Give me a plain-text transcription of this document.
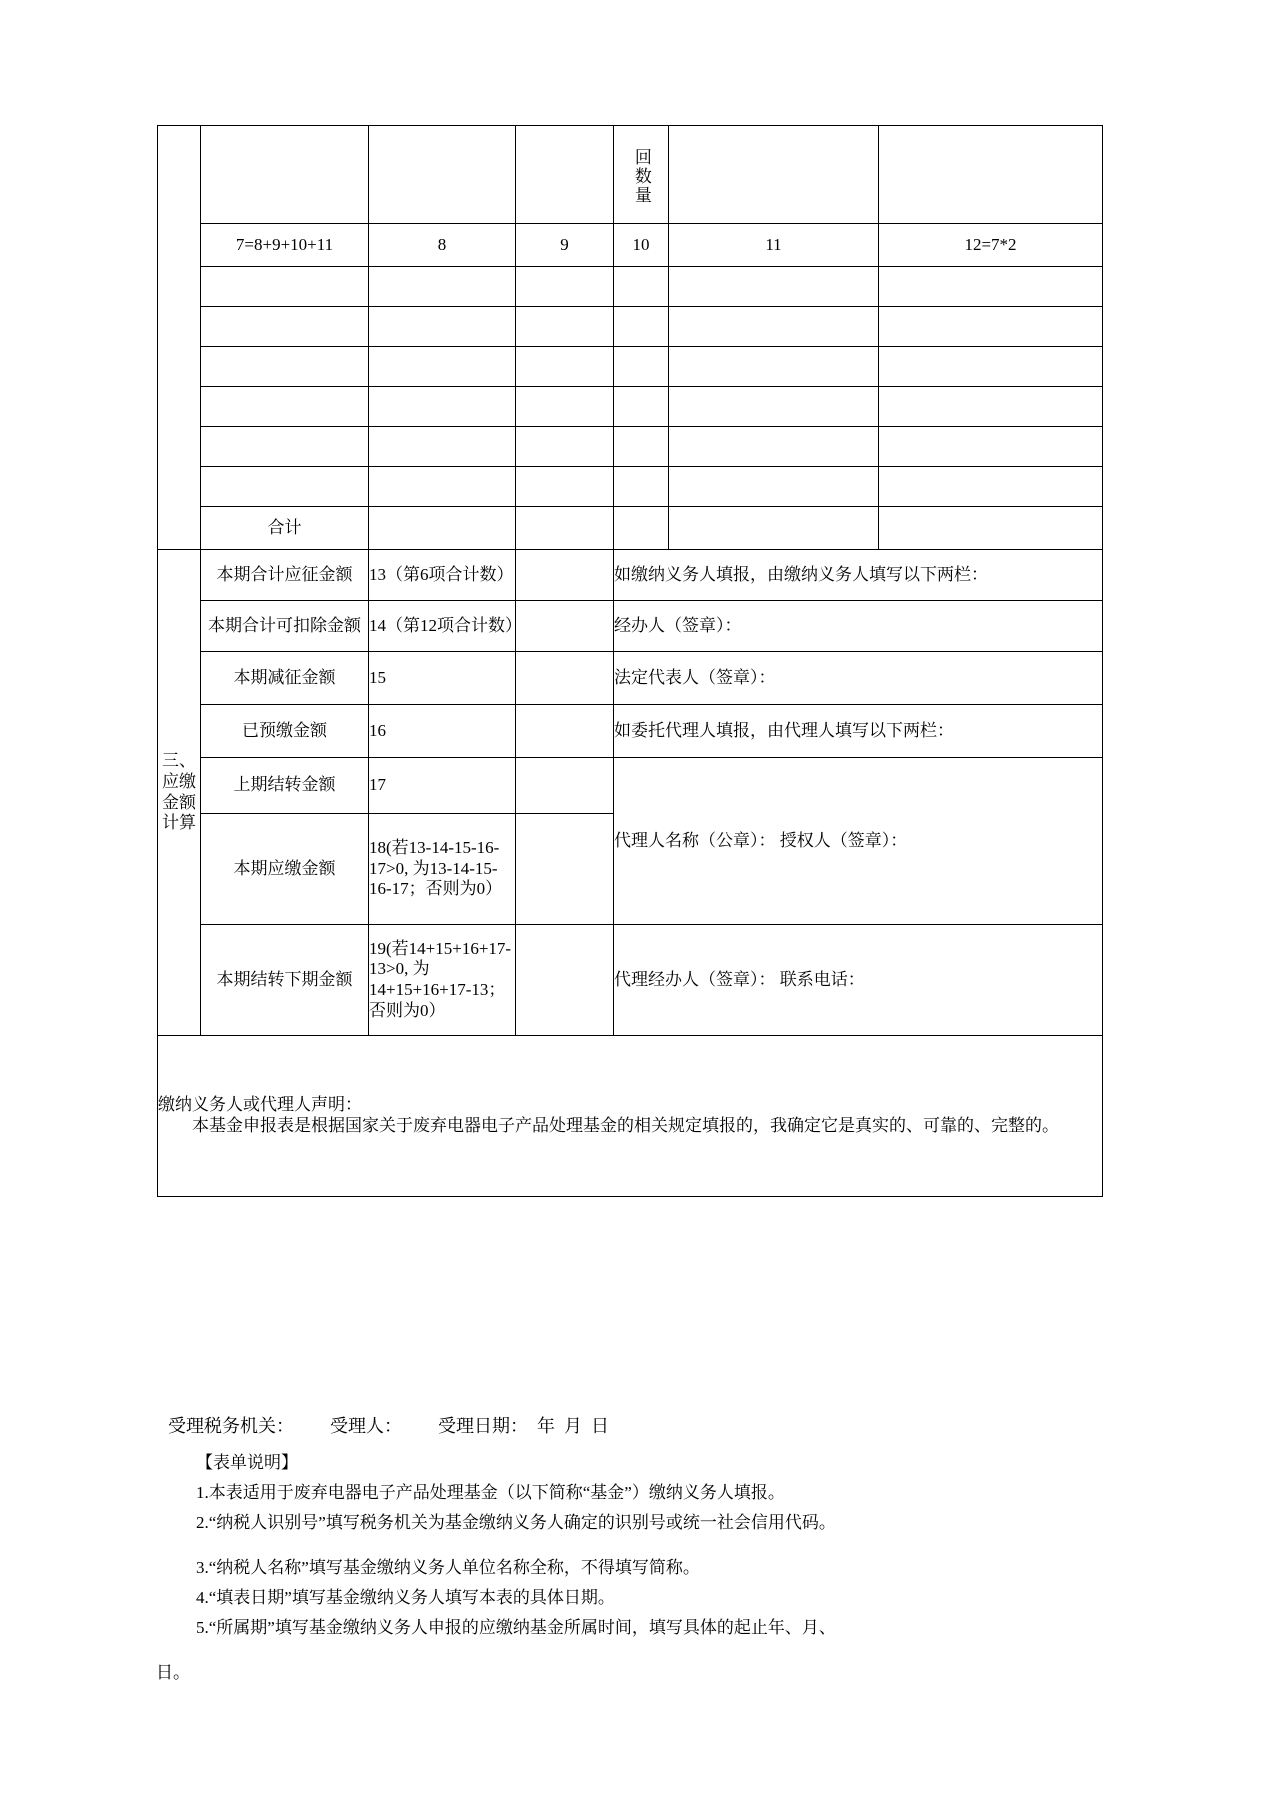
				回数量		

	7=8+9+10+11	8	9	10	11	12=7*2

	合计					
三、应缴金额计算	本期合计应征金额	13（第6项合计数）		如缴纳义务人填报，由缴纳义务人填写以下两栏：		
	本期合计可扣除金额	14（第12项合计数）		经办人（签章）：		
	本期减征金额	15		法定代表人（签章）：		
	已预缴金额	16		如委托代理人填报，由代理人填写以下两栏：		
	上期结转金额	17		代理人名称（公章）： 授权人（签章）：		
	本期应缴金额	18(若13-14-15-16-17>0, 为13-14-15-16-17；否则为0）				
	本期结转下期金额	19(若14+15+16+17-13>0, 为14+15+16+17-13；否则为0）		代理经办人（签章）： 联系电话：		

缴纳义务人或代理人声明：

本基金申报表是根据国家关于废弃电器电子产品处理基金的相关规定填报的，我确定它是真实的、可靠的、完整的。						

受理税务机关：        受理人：        受理日期：  年  月  日
【表单说明】
1.本表适用于废弃电器电子产品处理基金（以下简称“基金”）缴纳义务人填报。
2.“纳税人识别号”填写税务机关为基金缴纳义务人确定的识别号或统一社会信用代码。
3.“纳税人名称”填写基金缴纳义务人单位名称全称，不得填写简称。
4.“填表日期”填写基金缴纳义务人填写本表的具体日期。
5.“所属期”填写基金缴纳义务人申报的应缴纳基金所属时间，填写具体的起止年、月、
日。
